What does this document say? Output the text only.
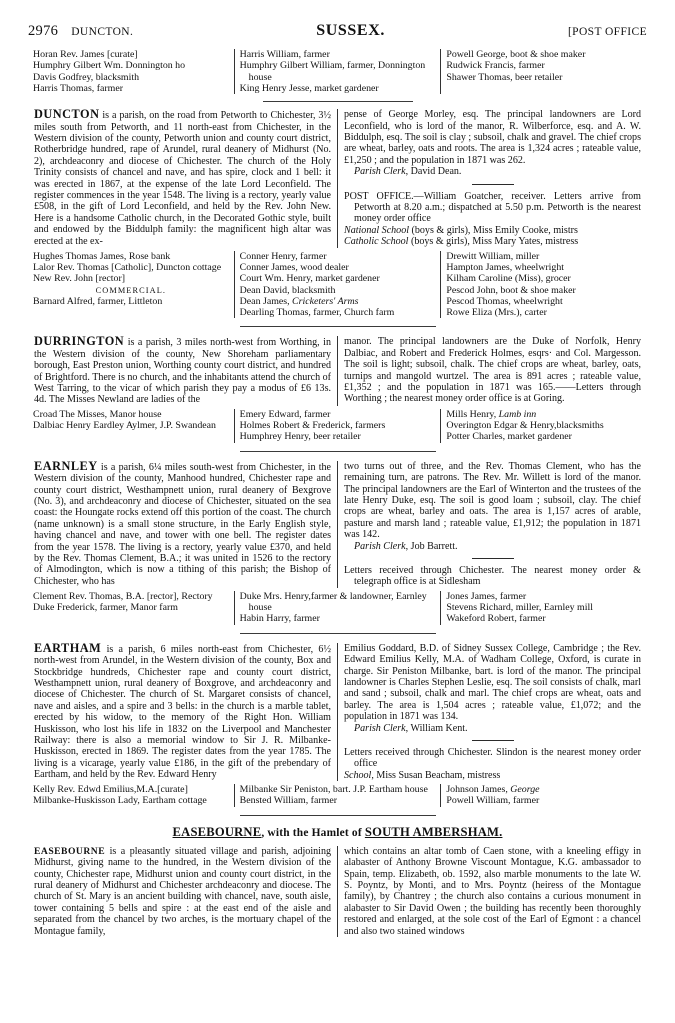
2976 DUNCTON.	SUSSEX.	[POST OFFICE
Horan Rev. James [curate]
Humphry Gilbert Wm. Donnington ho
Davis Godfrey, blacksmith
Harris Thomas, farmer
Harris William, farmer
Humphry Gilbert William, farmer, Donnington house
King Henry Jesse, market gardener
Powell George, boot & shoe maker
Rudwick Francis, farmer
Shawer Thomas, beer retailer

DUNCTON is a parish, on the road from Petworth to Chichester, 3½ miles south from Petworth, and 11 north-east from Chichester, in the Western division of the county, Petworth union and county court district, Rotherbridge hundred, rape of Arundel, rural deanery of Midhurst (No. 2), archdeaconry and diocese of Chichester. The church of the Holy Trinity consists of chancel and nave, and has spire, clock and 1 bell: it was erected in 1867, at the expense of the late Lord Leconfield. The register commences in the year 1548. The living is a rectory, yearly value £508, in the gift of Lord Leconfield, and held by the Rev. John New. Here is a handsome Catholic church, in the Decorated Gothic style, built and endowed by the Biddulph family: the magnificent high altar was erected at the ex-

pense of George Morley, esq. The principal landowners are Lord Leconfield, who is lord of the manor, R. Wilberforce, esq. and A. W. Biddulph, esq. The soil is clay ; subsoil, chalk and gravel. The chief crops are wheat, barley, oats and roots. The area is 1,324 acres ; rateable value, £1,250 ; and the population in 1871 was 262.

Parish Clerk, David Dean.

POST OFFICE.—William Goatcher, receiver. Letters arrive from Petworth at 8.20 a.m.; dispatched at 5.50 p.m. Petworth is the nearest money order office

National School (boys & girls), Miss Emily Cooke, mistrs

Catholic School (boys & girls), Miss Mary Yates, mistress

Hughes Thomas James, Rose bank
Lalor Rev. Thomas [Catholic], Duncton cottage
New Rev. John [rector]
COMMERCIAL.
Barnard Alfred, farmer, Littleton
Conner Henry, farmer
Conner James, wood dealer
Court Wm. Henry, market gardener
Dean David, blacksmith
Dean James, Cricketers' Arms
Dearling Thomas, farmer, Church farm
Drewitt William, miller
Hampton James, wheelwright
Kilham Caroline (Miss), grocer
Pescod John, boot & shoe maker
Pescod Thomas, wheelwright
Rowe Eliza (Mrs.), carter

DURRINGTON is a parish, 3 miles north-west from Worthing, in the Western division of the county, New Shoreham parliamentary borough, East Preston union, Worthing county court district, and hundred of Brightford. There is no church, and the inhabitants attend the church of West Tarring, to the vicar of which parish they pay a modus of £6 13s. 4d. The Misses Newland are ladies of the

manor. The principal landowners are the Duke of Norfolk, Henry Dalbiac, and Robert and Frederick Holmes, esqrs· and Col. Margesson. The soil is light; subsoil, chalk. The chief crops are wheat, barley, oats, turnips and mangold wurtzel. The area is 891 acres ; rateable value, £1,352 ; and the population in 1871 was 165.——Letters through Worthing ; the nearest money order office is at Goring.

Croad The Misses, Manor house
Dalbiac Henry Eardley Aylmer, J.P. Swandean
Emery Edward, farmer
Holmes Robert & Frederick, farmers
Humphrey Henry, beer retailer
Mills Henry, Lamb inn
Overington Edgar & Henry,blacksmiths
Potter Charles, market gardener

EARNLEY is a parish, 6¼ miles south-west from Chichester, in the Western division of the county, Manhood hundred, Chichester rape and county court district, Westhampnett union, rural deanery of Bexgrove (No. 3), and archdeaconry and diocese of Chichester, situated on the sea coast: the Houngate rocks extend off this portion of the coast. The church (name unknown) is a small stone structure, in the Early English style, having chancel and nave, and tower with one bell. The register dates from the year 1578. The living is a rectory, yearly value £370, and held by the Rev. Thomas Clement, B.A.; it was united in 1526 to the rectory of Almodington, which is now a tithing of this parish; the Bishop of Chichester, who has

two turns out of three, and the Rev. Thomas Clement, who has the remaining turn, are patrons. The Rev. Mr. Willett is lord of the manor. The principal landowners are the Earl of Winterton and the trustees of the late Henry Duke, esq. The soil is good loam ; subsoil, clay. The chief crops are wheat, barley and oats. The area is 1,157 acres of arable, pasture and marsh land ; rateable value, £1,912; the population in 1871 was 142.

Parish Clerk, Job Barrett.

Letters received through Chichester. The nearest money order & telegraph office is at Sidlesham

Clement Rev. Thomas, B.A. [rector], Rectory
Duke Frederick, farmer, Manor farm
Duke Mrs. Henry,farmer & landowner, Earnley house
Habin Harry, farmer
Jones James, farmer
Stevens Richard, miller, Earnley mill
Wakeford Robert, farmer

EARTHAM is a parish, 6 miles north-east from Chichester, 6½ north-west from Arundel, in the Western division of the county, Box and Stockbridge hundreds, Chichester rape and county court district, Westhampnett union, rural deanery of Boxgrove, and archdeaconry and diocese of Chichester. The church of St. Margaret consists of chancel, nave and aisles, and a spire and 3 bells: in the church is a marble tablet, erected by his widow, to the memory of the Right Hon. William Huskisson, who lost his life in 1832 on the Liverpool and Manchester Railway: there is also a memorial window to Sir J. R. Milbanke-Huskisson, erected in 1869. The register dates from the year 1785. The living is a vicarage, yearly value £186, in the gift of the prebendary of Eartham, and held by the Rev. Edward Henry

Emilius Goddard, B.D. of Sidney Sussex College, Cambridge ; the Rev. Edward Emilius Kelly, M.A. of Wadham College, Oxford, is curate in charge. Sir Peniston Milbanke, bart. is lord of the manor. The principal landowner is Charles Stephen Leslie, esq. The soil consists of chalk, marl and sand ; subsoil, chalk and marl. The chief crops are wheat, oats and barley. The area is 1,504 acres ; rateable value, £1,072; and the population in 1871 was 134.

Parish Clerk, William Kent.

Letters received through Chichester. Slindon is the nearest money order office

School, Miss Susan Beacham, mistress

Kelly Rev. Edwd Emilius,M.A.[curate]
Milbanke-Huskisson Lady, Eartham cottage
Milbanke Sir Peniston, bart. J.P. Eartham house
Bensted William, farmer
Johnson James, George
Powell William, farmer
EASEBOURNE, with the Hamlet of SOUTH AMBERSHAM.

EASEBOURNE is a pleasantly situated village and parish, adjoining Midhurst, giving name to the hundred, in the Western division of the county, Chichester rape, Midhurst union and county court district, in the rural deanery of Midhurst and Chichester archdeaconry and diocese. The church of St. Mary is an ancient building with chancel, nave, south aisle, tower containing 5 bells and spire : at the east end of the aisle and separated from the chancel by two arches, is the mortuary chapel of the Montague family,

which contains an altar tomb of Caen stone, with a kneeling effigy in alabaster of Anthony Browne Viscount Montague, K.G. ambassador to Spain, temp. Elizabeth, ob. 1592, also marble monuments to the late W. S. Poyntz, by Monti, and to Mrs. Poyntz (heiress of the Montague family), by Chantrey ; the church also contains a curious monument in alabaster to Sir David Owen ; the building has recently been thoroughly restored and enlarged, at the sole cost of the Earl of Egmont : a chancel and also two stained windows
